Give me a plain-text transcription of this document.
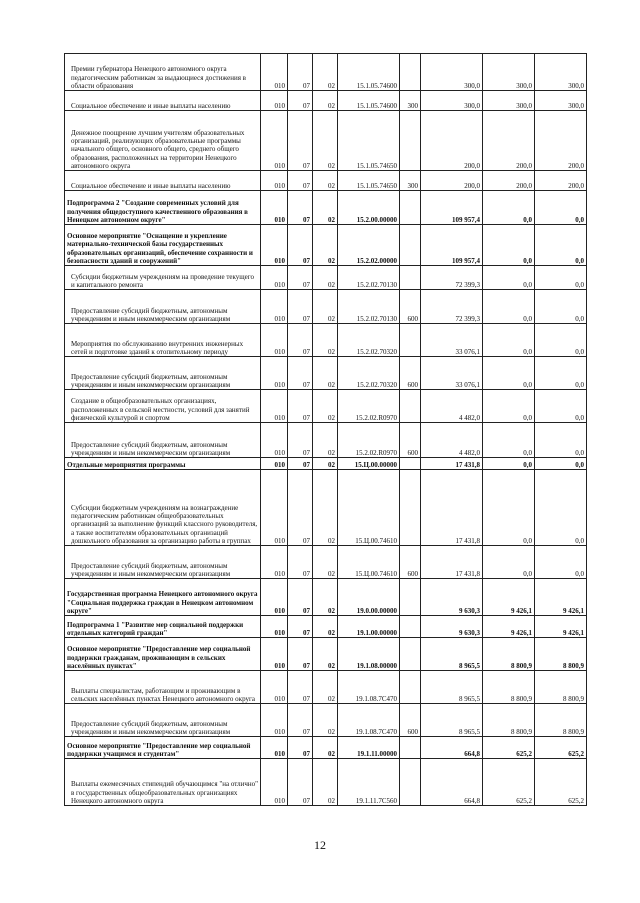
Премии губернатора Ненецкого автономного округа педагогическим работникам за выдающиеся достижения в области образования	010	07	02	15.1.05.74600		300,0	300,0	300,0
Социальное обеспечение и иные выплаты населению	010	07	02	15.1.05.74600	300	300,0	300,0	300,0
Денежное поощрение лучшим учителям образовательных организаций, реализующих образовательные программы начального общего, основного общего, среднего общего образования, расположенных на территории Ненецкого автономного округа	010	07	02	15.1.05.74650		200,0	200,0	200,0
Социальное обеспечение и иные выплаты населению	010	07	02	15.1.05.74650	300	200,0	200,0	200,0
Подпрограмма 2 "Создание современных условий для получения общедоступного качественного образования в Ненецком автономном округе"	010	07	02	15.2.00.00000		109 957,4	0,0	0,0
Основное мероприятие "Оснащение и укрепление материально-технической базы государственных образовательных организаций, обеспечение сохранности и безопасности зданий и сооружений"	010	07	02	15.2.02.00000		109 957,4	0,0	0,0
Субсидии бюджетным учреждениям на проведение текущего и капитального ремонта	010	07	02	15.2.02.70130		72 399,3	0,0	0,0
Предоставление субсидий бюджетным, автономным учреждениям и иным некоммерческим организациям	010	07	02	15.2.02.70130	600	72 399,3	0,0	0,0
Мероприятия по обслуживанию внутренних инженерных сетей и подготовке зданий к отопительному периоду	010	07	02	15.2.02.70320		33 076,1	0,0	0,0
Предоставление субсидий бюджетным, автономным учреждениям и иным некоммерческим организациям	010	07	02	15.2.02.70320	600	33 076,1	0,0	0,0
Создание в общеобразовательных организациях, расположенных в сельской местности, условий для занятий физической культурой и спортом	010	07	02	15.2.02.R0970		4 482,0	0,0	0,0
Предоставление субсидий бюджетным, автономным учреждениям и иным некоммерческим организациям	010	07	02	15.2.02.R0970	600	4 482,0	0,0	0,0
Отдельные мероприятия программы	010	07	02	15.Ц.00.00000		17 431,8	0,0	0,0
Субсидии бюджетным учреждениям на вознаграждение педагогическим работникам общеобразовательных организаций за выполнение функций классного руководителя, а также воспитателям образовательных организаций дошкольного образования за организацию работы в группах	010	07	02	15.Ц.00.74610		17 431,8	0,0	0,0
Предоставление субсидий бюджетным, автономным учреждениям и иным некоммерческим организациям	010	07	02	15.Ц.00.74610	600	17 431,8	0,0	0,0
Государственная программа Ненецкого автономного округа "Социальная поддержка граждан в Ненецком автономном округе"	010	07	02	19.0.00.00000		9 630,3	9 426,1	9 426,1
Подпрограмма 1 "Развитие мер социальной поддержки отдельных категорий граждан"	010	07	02	19.1.00.00000		9 630,3	9 426,1	9 426,1
Основное мероприятие "Предоставление мер социальной поддержки гражданам, проживающим в сельских населённых пунктах"	010	07	02	19.1.08.00000		8 965,5	8 800,9	8 800,9
Выплаты специалистам, работающим и проживающим в сельских населённых пунктах Ненецкого автономного округа	010	07	02	19.1.08.7С470		8 965,5	8 800,9	8 800,9
Предоставление субсидий бюджетным, автономным учреждениям и иным некоммерческим организациям	010	07	02	19.1.08.7С470	600	8 965,5	8 800,9	8 800,9
Основное мероприятие "Предоставление мер социальной поддержки учащимся и студентам"	010	07	02	19.1.11.00000		664,8	625,2	625,2
Выплаты ежемесячных стипендий обучающимся "на отлично" в государственных общеобразовательных организациях Ненецкого автономного округа	010	07	02	19.1.11.7С560		664,8	625,2	625,2
12
